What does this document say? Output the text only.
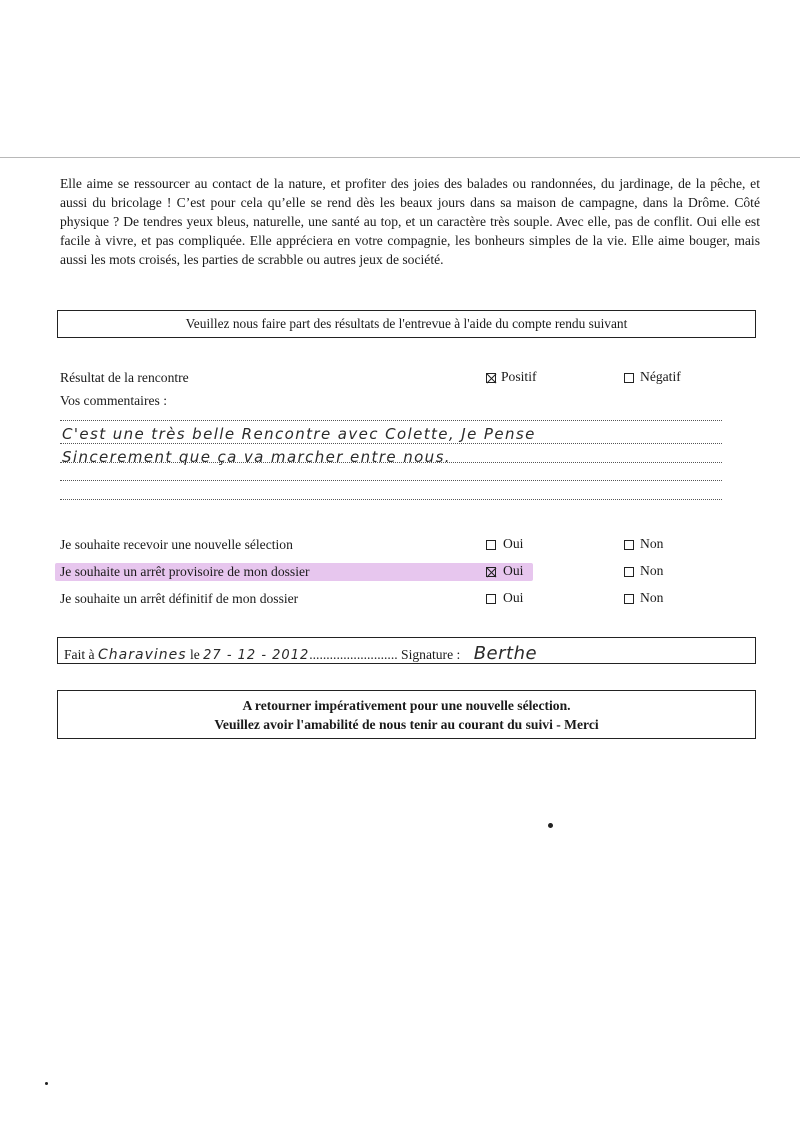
Elle aime se ressourcer au contact de la nature, et profiter des joies des balades ou randonnées, du jardinage, de la pêche, et aussi du bricolage ! C’est pour cela qu’elle se rend dès les beaux jours dans sa maison de campagne, dans la Drôme. Côté physique ? De tendres yeux bleus, naturelle, une santé au top, et un caractère très souple. Avec elle, pas de conflit. Oui elle est facile à vivre, et pas compliquée. Elle appréciera en votre compagnie, les bonheurs simples de la vie. Elle aime bouger, mais aussi les mots croisés, les parties de scrabble ou autres jeux de société.
Veuillez nous faire part des résultats de l'entrevue à l'aide du compte rendu suivant
Résultat de la rencontre	Positif	Négatif
Vos commentaires :
C'est une très belle Rencontre avec Colette, Je Pense
Sincerement que ça va marcher entre nous.
Je souhaite recevoir une nouvelle sélection	Oui	Non
Je souhaite un arrêt provisoire de mon dossier	Oui	Non
Je souhaite un arrêt définitif de mon dossier	Oui	Non
Fait à Charavines le 27 - 12 - 2012.......................... Signature : Berthe
A retourner impérativement pour une nouvelle sélection.
Veuillez avoir l'amabilité de nous tenir au courant du suivi - Merci
